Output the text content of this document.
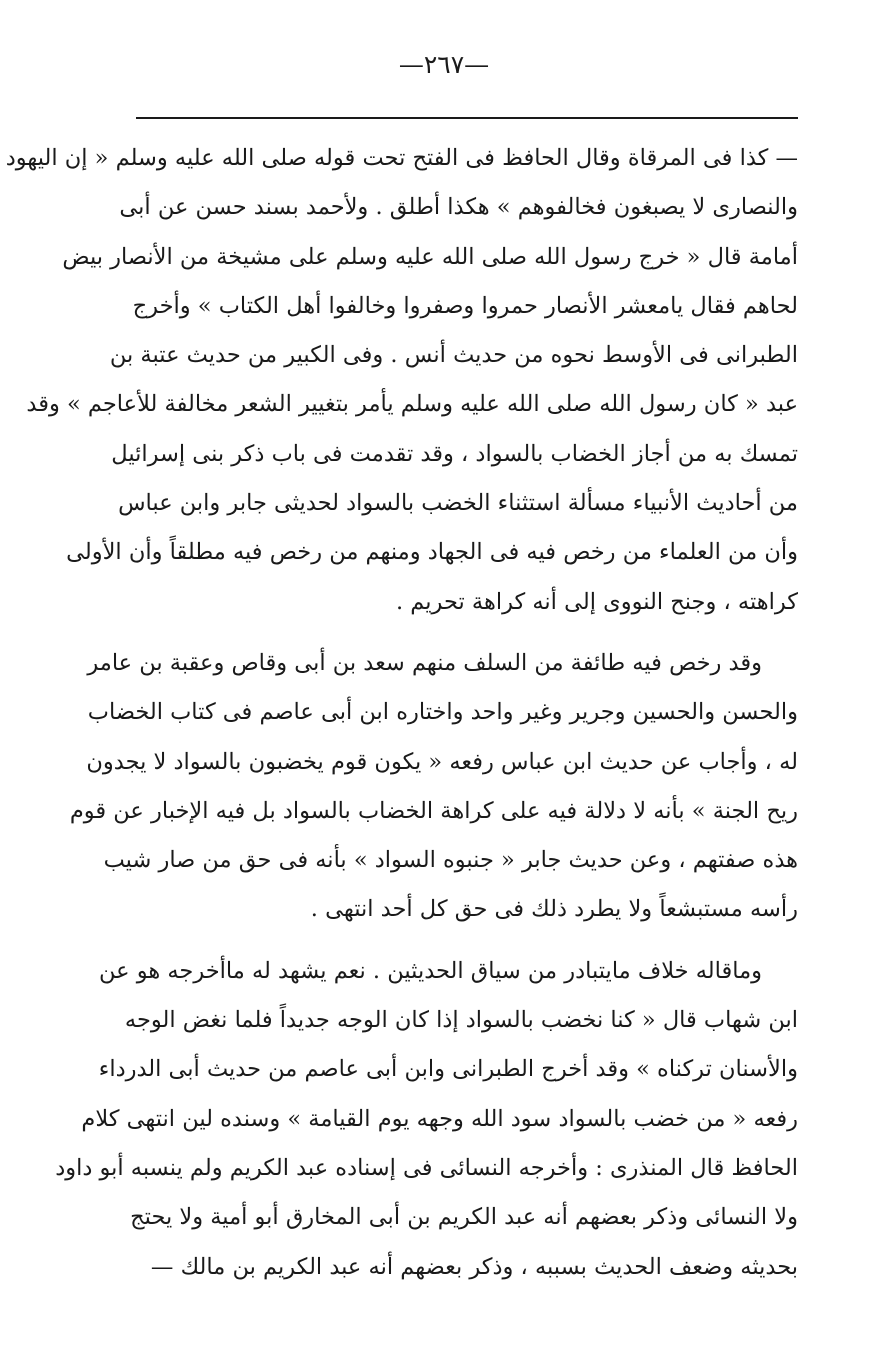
—٢٦٧—
— كذا فى المرقاة وقال الحافظ فى الفتح تحت قوله صلى الله عليه وسلم « إن اليهود
والنصارى لا يصبغون فخالفوهم » هكذا أطلق . ولأحمد بسند حسن عن أبى
أمامة قال « خرج رسول الله صلى الله عليه وسلم على مشيخة من الأنصار بيض
لحاهم فقال يامعشر الأنصار حمروا وصفروا وخالفوا أهل الكتاب » وأخرج
الطبرانى فى الأوسط نحوه من حديث أنس . وفى الكبير من حديث عتبة بن
عبد « كان رسول الله صلى الله عليه وسلم يأمر بتغيير الشعر مخالفة للأعاجم » وقد
تمسك به من أجاز الخضاب بالسواد ، وقد تقدمت فى باب ذكر بنى إسرائيل
من أحاديث الأنبياء مسألة استثناء الخضب بالسواد لحديثى جابر وابن عباس
وأن من العلماء من رخص فيه فى الجهاد ومنهم من رخص فيه مطلقاً وأن الأولى
كراهته ، وجنح النووى إلى أنه كراهة تحريم .
وقد رخص فيه طائفة من السلف منهم سعد بن أبى وقاص وعقبة بن عامر
والحسن والحسين وجرير وغير واحد واختاره ابن أبى عاصم فى كتاب الخضاب
له ، وأجاب عن حديث ابن عباس رفعه « يكون قوم يخضبون بالسواد لا يجدون
ريح الجنة » بأنه لا دلالة فيه على كراهة الخضاب بالسواد بل فيه الإخبار عن قوم
هذه صفتهم ، وعن حديث جابر « جنبوه السواد » بأنه فى حق من صار شيب
رأسه مستبشعاً ولا يطرد ذلك فى حق كل أحد انتهى .
وماقاله خلاف مايتبادر من سياق الحديثين . نعم يشهد له ماأخرجه هو عن
ابن شهاب قال « كنا نخضب بالسواد إذا كان الوجه جديداً فلما نغض الوجه
والأسنان تركناه » وقد أخرج الطبرانى وابن أبى عاصم من حديث أبى الدرداء
رفعه « من خضب بالسواد سود الله وجهه يوم القيامة » وسنده لين انتهى كلام
الحافظ قال المنذرى : وأخرجه النسائى فى إسناده عبد الكريم ولم ينسبه أبو داود
ولا النسائى وذكر بعضهم أنه عبد الكريم بن أبى المخارق أبو أمية ولا يحتج
بحديثه وضعف الحديث بسببه ، وذكر بعضهم أنه عبد الكريم بن مالك —
